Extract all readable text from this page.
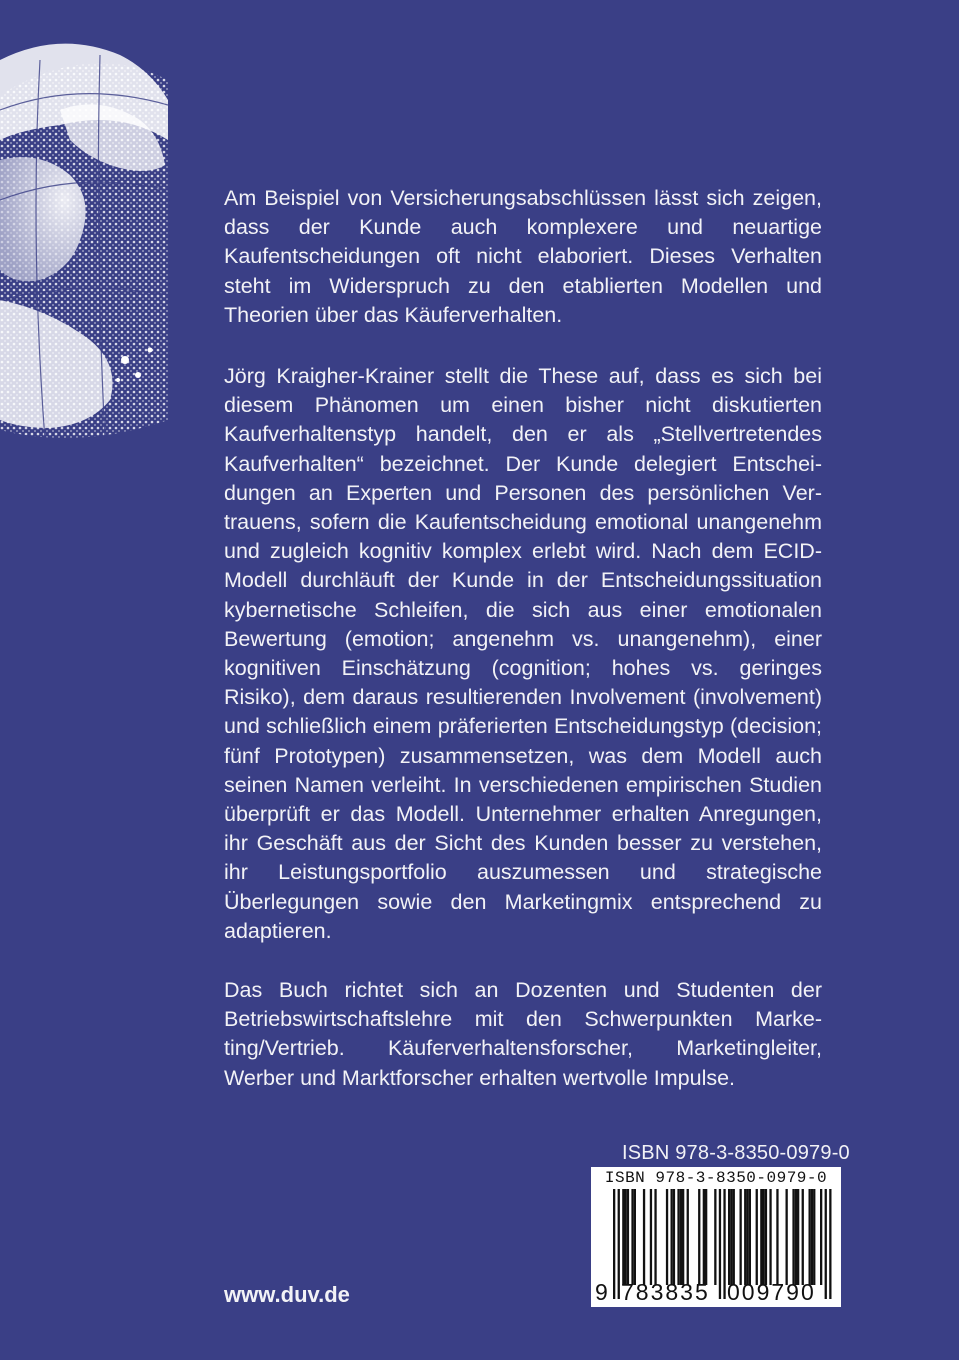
Am Beispiel von Versicherungsabschlüssen lässt sich zeigen, dass der Kunde auch komplexere und neuartige Kaufentscheidungen oft nicht elaboriert. Dieses Verhalten steht im Widerspruch zu den etablierten Modellen und Theorien über das Käuferverhalten.

Jörg Kraigher-Krainer stellt die These auf, dass es sich bei diesem Phänomen um einen bisher nicht diskutierten Kaufverhaltenstyp handelt, den er als „Stellvertretendes Kaufverhalten“ bezeichnet. Der Kunde delegiert Entscheidungen an Experten und Personen des persönlichen Vertrauens, sofern die Kaufentscheidung emotional unangenehm und zugleich kognitiv komplex erlebt wird. Nach dem ECID-Modell durchläuft der Kunde in der Entscheidungssituation kybernetische Schleifen, die sich aus einer emotionalen Bewertung (emotion; angenehm vs. unangenehm), einer kognitiven Einschätzung (cognition; hohes vs. geringes Risiko), dem daraus resultierenden Involvement (involvement) und schließlich einem präferierten Entscheidungstyp (decision; fünf Prototypen) zusammensetzen, was dem Modell auch seinen Namen verleiht. In verschiedenen empirischen Studien überprüft er das Modell. Unternehmer erhalten Anregungen, ihr Geschäft aus der Sicht des Kunden besser zu verstehen, ihr Leistungsportfolio auszumessen und strategische Überlegungen sowie den Marketingmix entsprechend zu adaptieren.

Das Buch richtet sich an Dozenten und Studenten der Betriebswirtschaftslehre mit den Schwerpunkten Marketing/Vertrieb. Käuferverhaltensforscher, Marketingleiter, Werber und Marktforscher erhalten wertvolle Impulse.

ISBN 978-3-8350-0979-0
ISBN 978-3-8350-0979-0
9 783835 009790
www.duv.de
